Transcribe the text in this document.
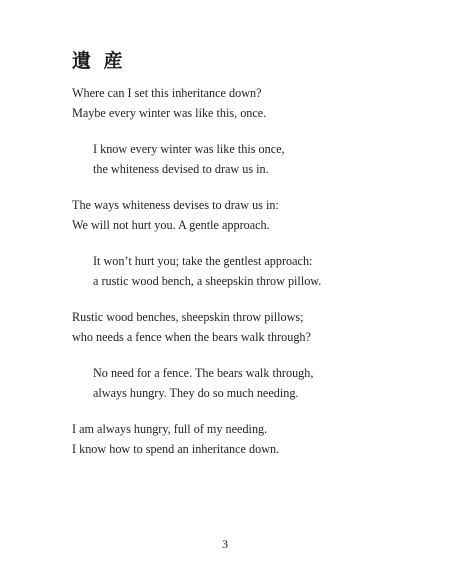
遺 産
Where can I set this inheritance down?
Maybe every winter was like this, once.
I know every winter was like this once,
the whiteness devised to draw us in.
The ways whiteness devises to draw us in:
We will not hurt you. A gentle approach.
It won’t hurt you; take the gentlest approach:
a rustic wood bench, a sheepskin throw pillow.
Rustic wood benches, sheepskin throw pillows;
who needs a fence when the bears walk through?
No need for a fence. The bears walk through,
always hungry. They do so much needing.
I am always hungry, full of my needing.
I know how to spend an inheritance down.
3
